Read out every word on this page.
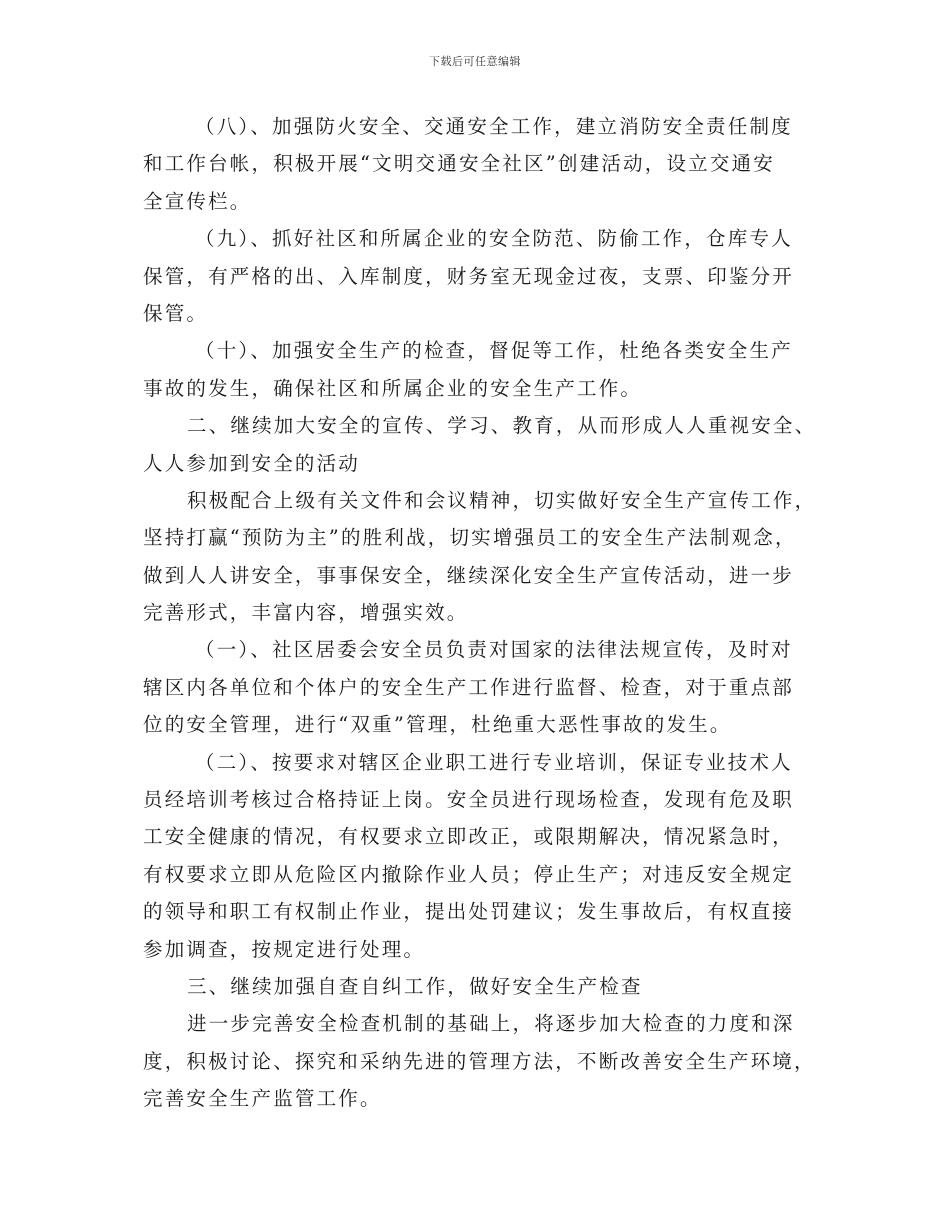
下载后可任意编辑
（八）、加强防火安全、交通安全工作，建立消防安全责任制度
和工作台帐，积极开展“文明交通安全社区”创建活动，设立交通安
全宣传栏。
（九）、抓好社区和所属企业的安全防范、防偷工作，仓库专人
保管，有严格的出、入库制度，财务室无现金过夜，支票、印鉴分开
保管。
（十）、加强安全生产的检查，督促等工作，杜绝各类安全生产
事故的发生，确保社区和所属企业的安全生产工作。
二、继续加大安全的宣传、学习、教育，从而形成人人重视安全、
人人参加到安全的活动
积极配合上级有关文件和会议精神，切实做好安全生产宣传工作，
坚持打赢“预防为主”的胜利战，切实增强员工的安全生产法制观念，
做到人人讲安全，事事保安全，继续深化安全生产宣传活动，进一步
完善形式，丰富内容，增强实效。
（一）、社区居委会安全员负责对国家的法律法规宣传，及时对
辖区内各单位和个体户的安全生产工作进行监督、检查，对于重点部
位的安全管理，进行“双重”管理，杜绝重大恶性事故的发生。
（二）、按要求对辖区企业职工进行专业培训，保证专业技术人
员经培训考核过合格持证上岗。安全员进行现场检查，发现有危及职
工安全健康的情况，有权要求立即改正，或限期解决，情况紧急时，
有权要求立即从危险区内撤除作业人员；停止生产；对违反安全规定
的领导和职工有权制止作业，提出处罚建议；发生事故后，有权直接
参加调查，按规定进行处理。
三、继续加强自查自纠工作，做好安全生产检查
进一步完善安全检查机制的基础上，将逐步加大检查的力度和深
度，积极讨论、探究和采纳先进的管理方法，不断改善安全生产环境，
完善安全生产监管工作。
